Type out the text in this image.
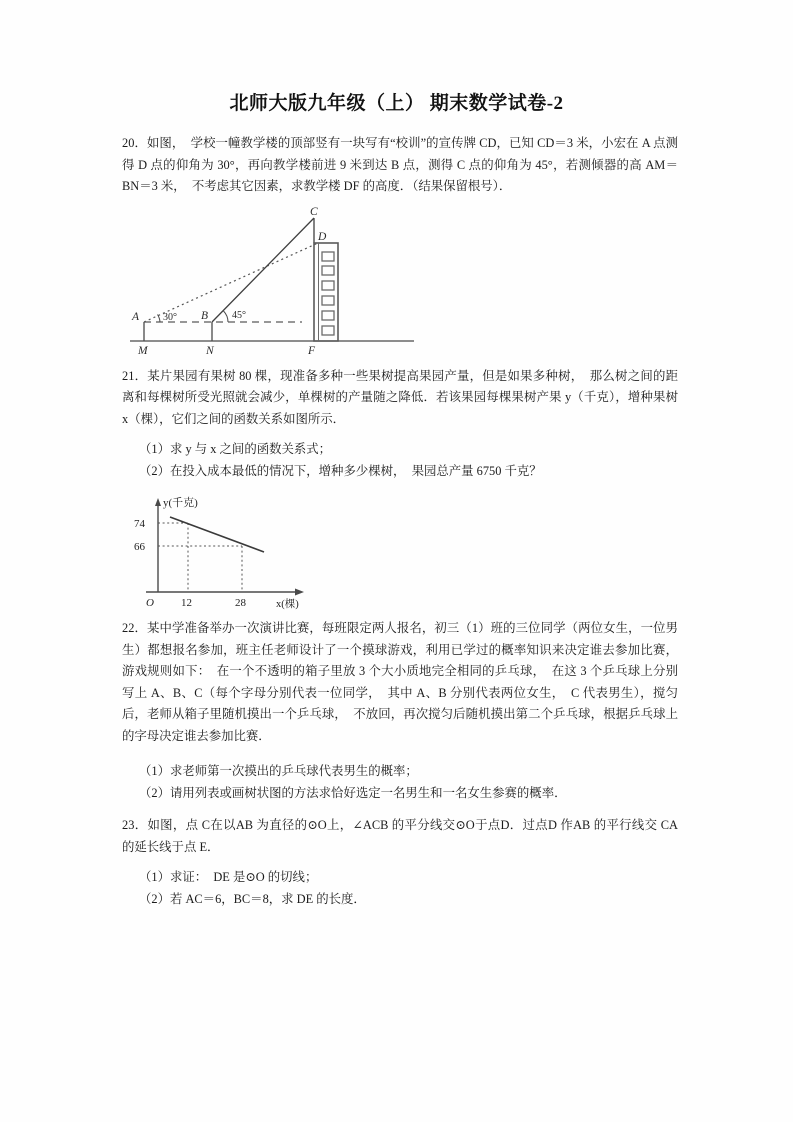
北师大版九年级（上） 期末数学试卷-2
20．如图，　学校一幢教学楼的顶部竖有一块写有“校训”的宣传牌 CD，已知 CD＝3 米，小宏在 A 点测得 D 点的仰角为 30°，再向教学楼前进 9 米到达 B 点，测得 C 点的仰角为 45°，若测倾器的高 AM＝BN＝3 米，　不考虑其它因素，求教学楼 DF 的高度．（结果保留根号）．
C
D
A	B
M	N	F
30°	45°
21．某片果园有果树 80 棵，现准备多种一些果树提高果园产量，但是如果多种树，　那么树之间的距离和每棵树所受光照就会减少，单棵树的产量随之降低．若该果园每棵果树产果 y（千克），增种果树 x（棵），它们之间的函数关系如图所示．
（1）求 y 与 x 之间的函数关系式；
（2）在投入成本最低的情况下，增种多少棵树，　果园总产量 6750 千克？
y(千克)
x(棵)
74
66
O 12	28
22．某中学准备举办一次演讲比赛，每班限定两人报名，初三（1）班的三位同学（两位女生，一位男生）都想报名参加，班主任老师设计了一个摸球游戏，利用已学过的概率知识来决定谁去参加比赛，游戏规则如下：　在一个不透明的箱子里放 3 个大小质地完全相同的乒乓球，　在这 3 个乒乓球上分别写上 A、B、C（每个字母分别代表一位同学，　其中 A、B 分别代表两位女生，　C 代表男生），搅匀后，老师从箱子里随机摸出一个乒乓球，　不放回，再次搅匀后随机摸出第二个乒乓球，根据乒乓球上的字母决定谁去参加比赛．
（1）求老师第一次摸出的乒乓球代表男生的概率；
（2）请用列表或画树状图的方法求恰好选定一名男生和一名女生参赛的概率．
23．如图，点 C在以AB 为直径的⊙O上，∠ACB 的平分线交⊙O于点D．过点D 作AB 的平行线交 CA 的延长线于点 E．
（1）求证：　DE 是⊙O 的切线；
（2）若 AC＝6，BC＝8，求 DE 的长度．
